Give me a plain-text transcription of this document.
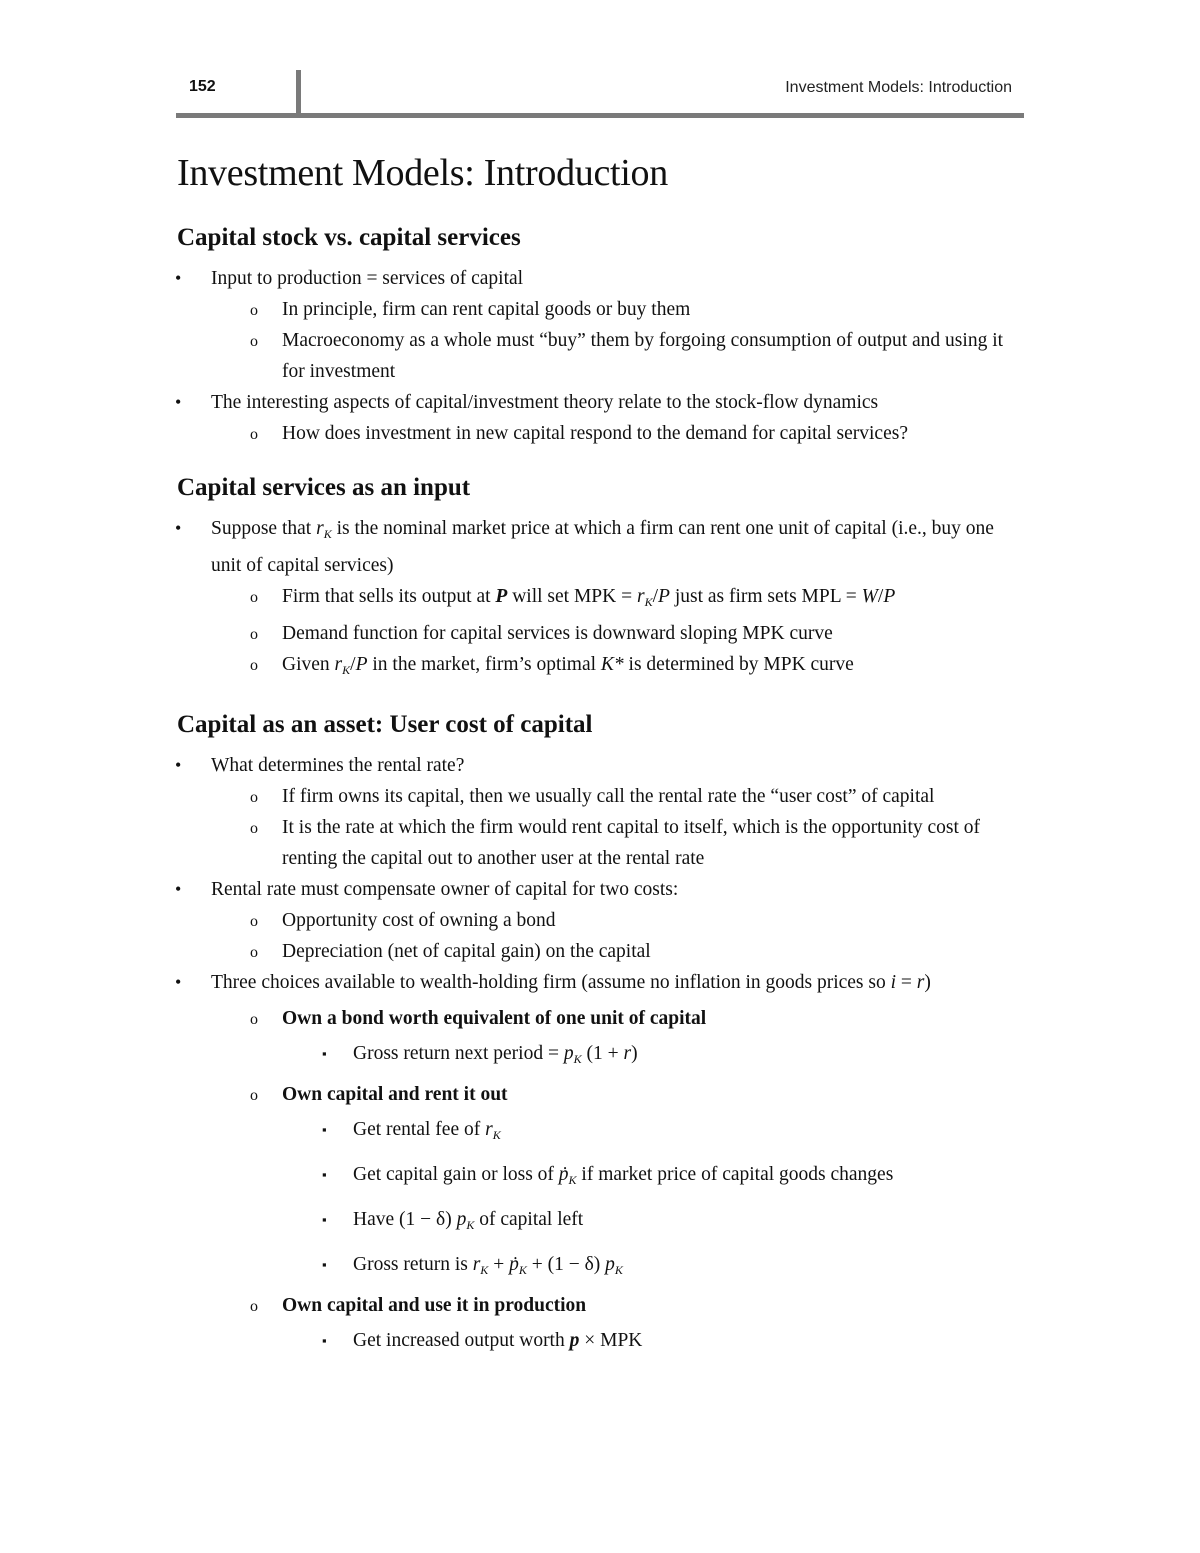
152	Investment Models: Introduction
Investment Models: Introduction
Capital stock vs. capital services
• Input to production = services of capital
o In principle, firm can rent capital goods or buy them
o Macroeconomy as a whole must “buy” them by forgoing consumption of output and using it for investment
• The interesting aspects of capital/investment theory relate to the stock-flow dynamics
o How does investment in new capital respond to the demand for capital services?
Capital services as an input
• Suppose that $r_K$ is the nominal market price at which a firm can rent one unit of capital (i.e., buy one unit of capital services)
o Firm that sells its output at P will set MPK = $r_K/P$ just as firm sets MPL = W/P
o Demand function for capital services is downward sloping MPK curve
o Given $r_K/P$ in the market, firm’s optimal K* is determined by MPK curve
Capital as an asset: User cost of capital
• What determines the rental rate?
o If firm owns its capital, then we usually call the rental rate the “user cost” of capital
o It is the rate at which the firm would rent capital to itself, which is the opportunity cost of renting the capital out to another user at the rental rate
• Rental rate must compensate owner of capital for two costs:
o Opportunity cost of owning a bond
o Depreciation (net of capital gain) on the capital
• Three choices available to wealth-holding firm (assume no inflation in goods prices so i = r)
o Own a bond worth equivalent of one unit of capital
▪ Gross return next period = $p_K$ (1 + r)
o Own capital and rent it out
▪ Get rental fee of $r_K$
▪ Get capital gain or loss of ṗ$_K$ if market price of capital goods changes
▪ Have (1 − δ) $p_K$ of capital left
▪ Gross return is $r_K$ + ṗ$_K$ + (1 − δ) $p_K$
o Own capital and use it in production
▪ Get increased output worth p × MPK
